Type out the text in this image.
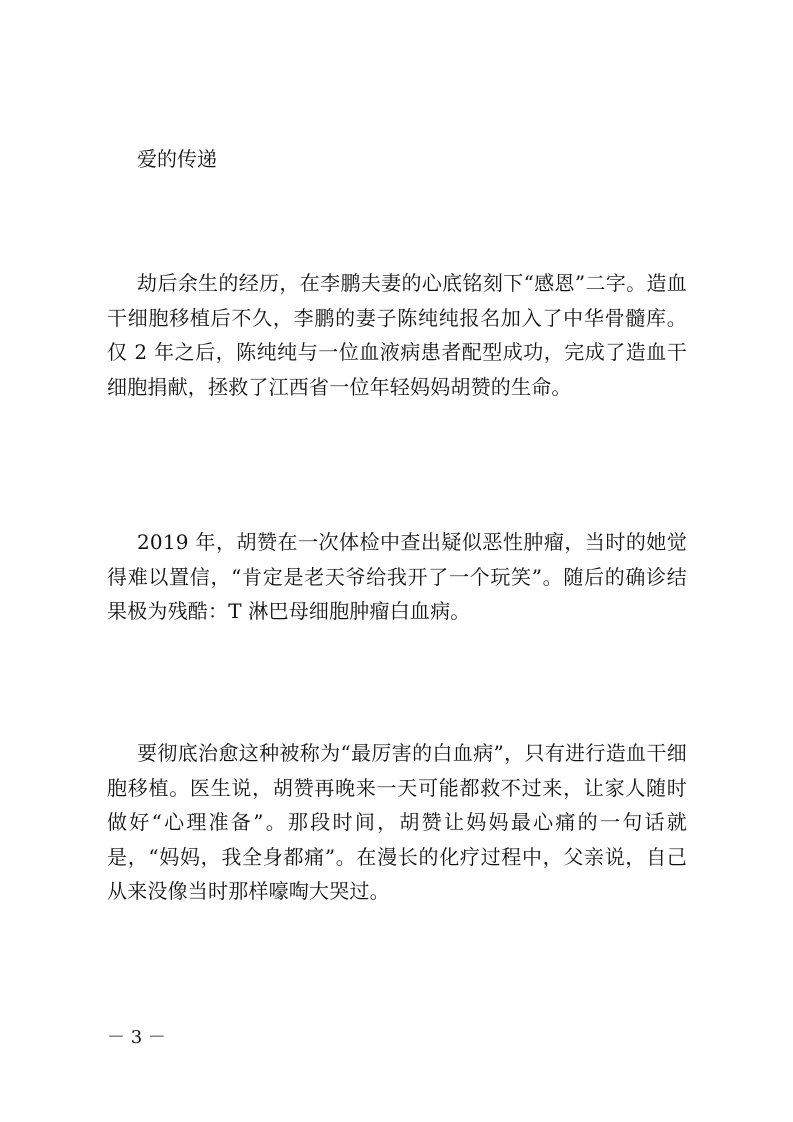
爱的传递

劫后余生的经历，在李鹏夫妻的心底铭刻下“感恩”二字。造血干细胞移植后不久，李鹏的妻子陈纯纯报名加入了中华骨髓库。仅 2 年之后，陈纯纯与一位血液病患者配型成功，完成了造血干细胞捐献，拯救了江西省一位年轻妈妈胡赞的生命。

2019 年，胡赞在一次体检中查出疑似恶性肿瘤，当时的她觉得难以置信，“肯定是老天爷给我开了一个玩笑”。随后的确诊结果极为残酷：T 淋巴母细胞肿瘤白血病。

要彻底治愈这种被称为“最厉害的白血病”，只有进行造血干细胞移植。医生说，胡赞再晚来一天可能都救不过来，让家人随时做好“心理准备”。那段时间，胡赞让妈妈最心痛的一句话就是，“妈妈，我全身都痛”。在漫长的化疗过程中，父亲说，自己从来没像当时那样嚎啕大哭过。

－ 3 －
